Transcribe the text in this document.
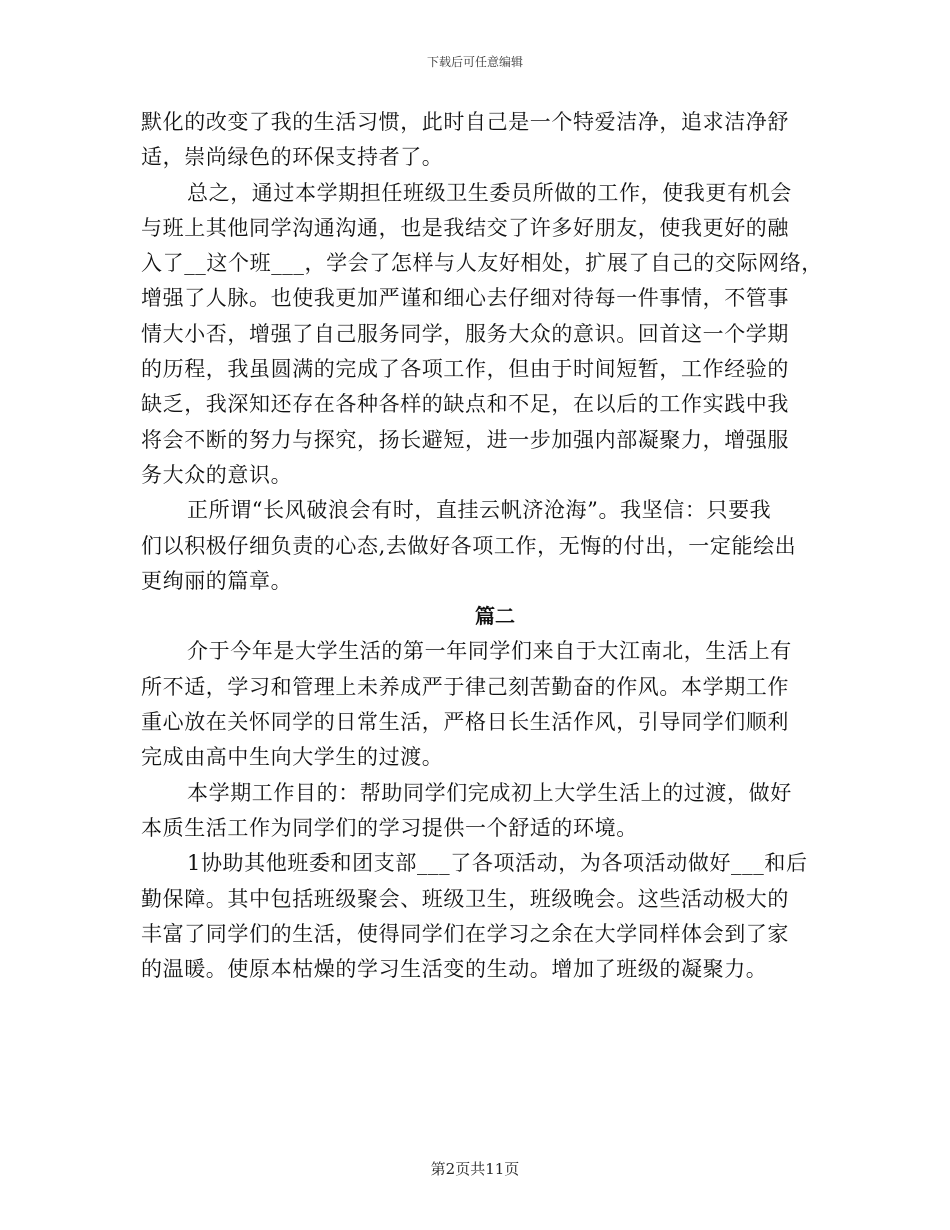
下载后可任意编辑
默化的改变了我的生活习惯，此时自己是一个特爱洁净，追求洁净舒
适，崇尚绿色的环保支持者了。
总之，通过本学期担任班级卫生委员所做的工作，使我更有机会
与班上其他同学沟通沟通，也是我结交了许多好朋友，使我更好的融
入了__这个班___，学会了怎样与人友好相处，扩展了自己的交际网络，
增强了人脉。也使我更加严谨和细心去仔细对待每一件事情，不管事
情大小否，增强了自己服务同学，服务大众的意识。回首这一个学期
的历程，我虽圆满的完成了各项工作，但由于时间短暂，工作经验的
缺乏，我深知还存在各种各样的缺点和不足，在以后的工作实践中我
将会不断的努力与探究，扬长避短，进一步加强内部凝聚力，增强服
务大众的意识。
正所谓“长风破浪会有时，直挂云帆济沧海”。我坚信：只要我
们以积极仔细负责的心态,去做好各项工作，无悔的付出，一定能绘出
更绚丽的篇章。
篇二
介于今年是大学生活的第一年同学们来自于大江南北，生活上有
所不适，学习和管理上未养成严于律己刻苦勤奋的作风。本学期工作
重心放在关怀同学的日常生活，严格日长生活作风，引导同学们顺利
完成由高中生向大学生的过渡。
本学期工作目的：帮助同学们完成初上大学生活上的过渡，做好
本质生活工作为同学们的学习提供一个舒适的环境。
1协助其他班委和团支部___了各项活动，为各项活动做好___和后
勤保障。其中包括班级聚会、班级卫生，班级晚会。这些活动极大的
丰富了同学们的生活，使得同学们在学习之余在大学同样体会到了家
的温暖。使原本枯燥的学习生活变的生动。增加了班级的凝聚力。
第2页共11页
